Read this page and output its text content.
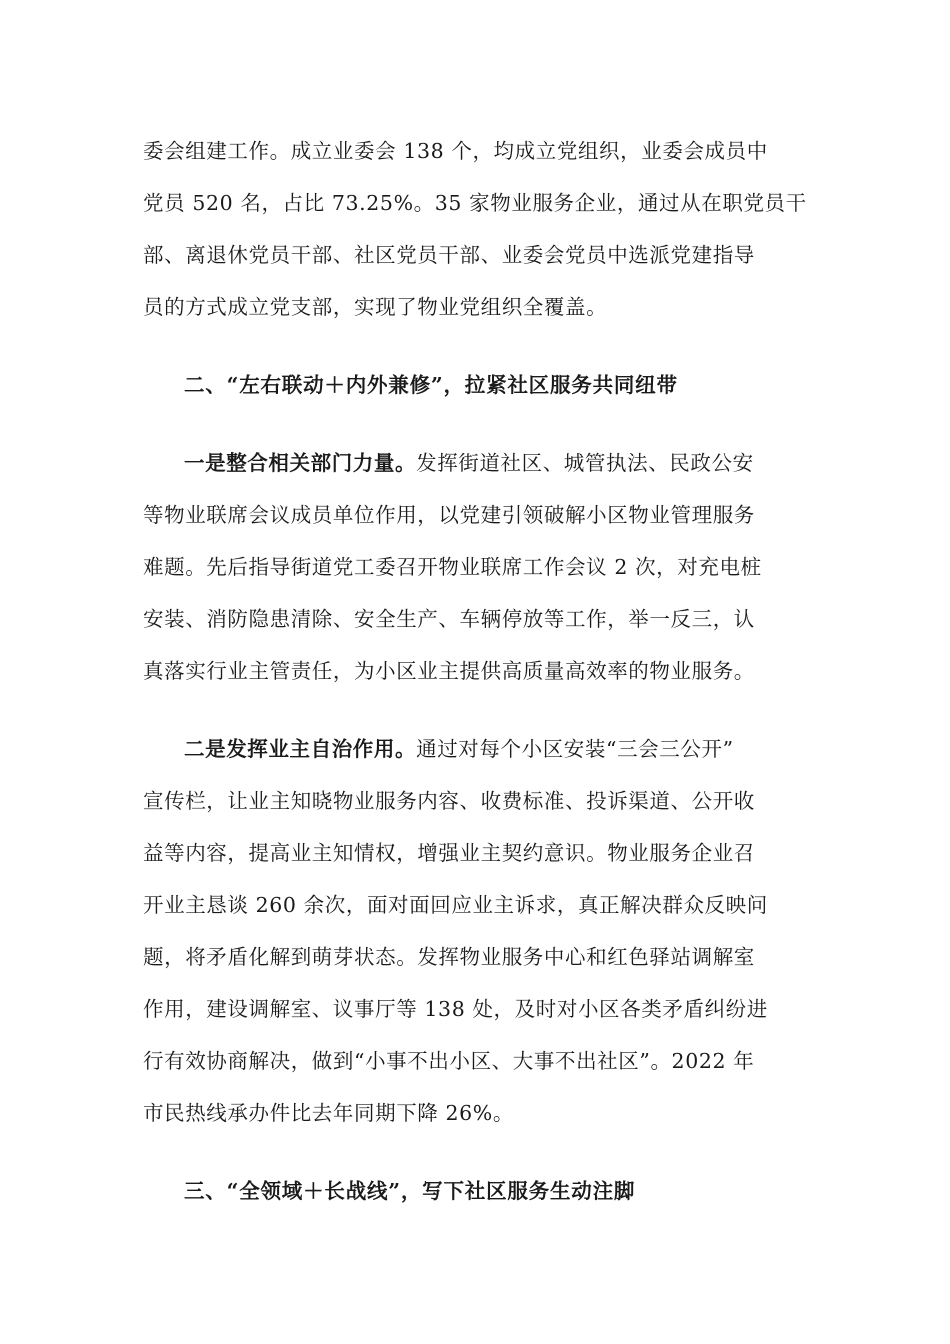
委会组建工作。成立业委会 138 个，均成立党组织，业委会成员中
党员 520 名，占比 73.25%。35 家物业服务企业，通过从在职党员干
部、离退休党员干部、社区党员干部、业委会党员中选派党建指导
员的方式成立党支部，实现了物业党组织全覆盖。
二、“左右联动＋内外兼修”，拉紧社区服务共同纽带
一是整合相关部门力量。发挥街道社区、城管执法、民政公安
等物业联席会议成员单位作用，以党建引领破解小区物业管理服务
难题。先后指导街道党工委召开物业联席工作会议 2 次，对充电桩
安装、消防隐患清除、安全生产、车辆停放等工作，举一反三，认
真落实行业主管责任，为小区业主提供高质量高效率的物业服务。
二是发挥业主自治作用。通过对每个小区安装“三会三公开”
宣传栏，让业主知晓物业服务内容、收费标准、投诉渠道、公开收
益等内容，提高业主知情权，增强业主契约意识。物业服务企业召
开业主恳谈 260 余次，面对面回应业主诉求，真正解决群众反映问
题，将矛盾化解到萌芽状态。发挥物业服务中心和红色驿站调解室
作用，建设调解室、议事厅等 138 处，及时对小区各类矛盾纠纷进
行有效协商解决，做到“小事不出小区、大事不出社区”。2022 年
市民热线承办件比去年同期下降 26%。
三、“全领域＋长战线”，写下社区服务生动注脚
